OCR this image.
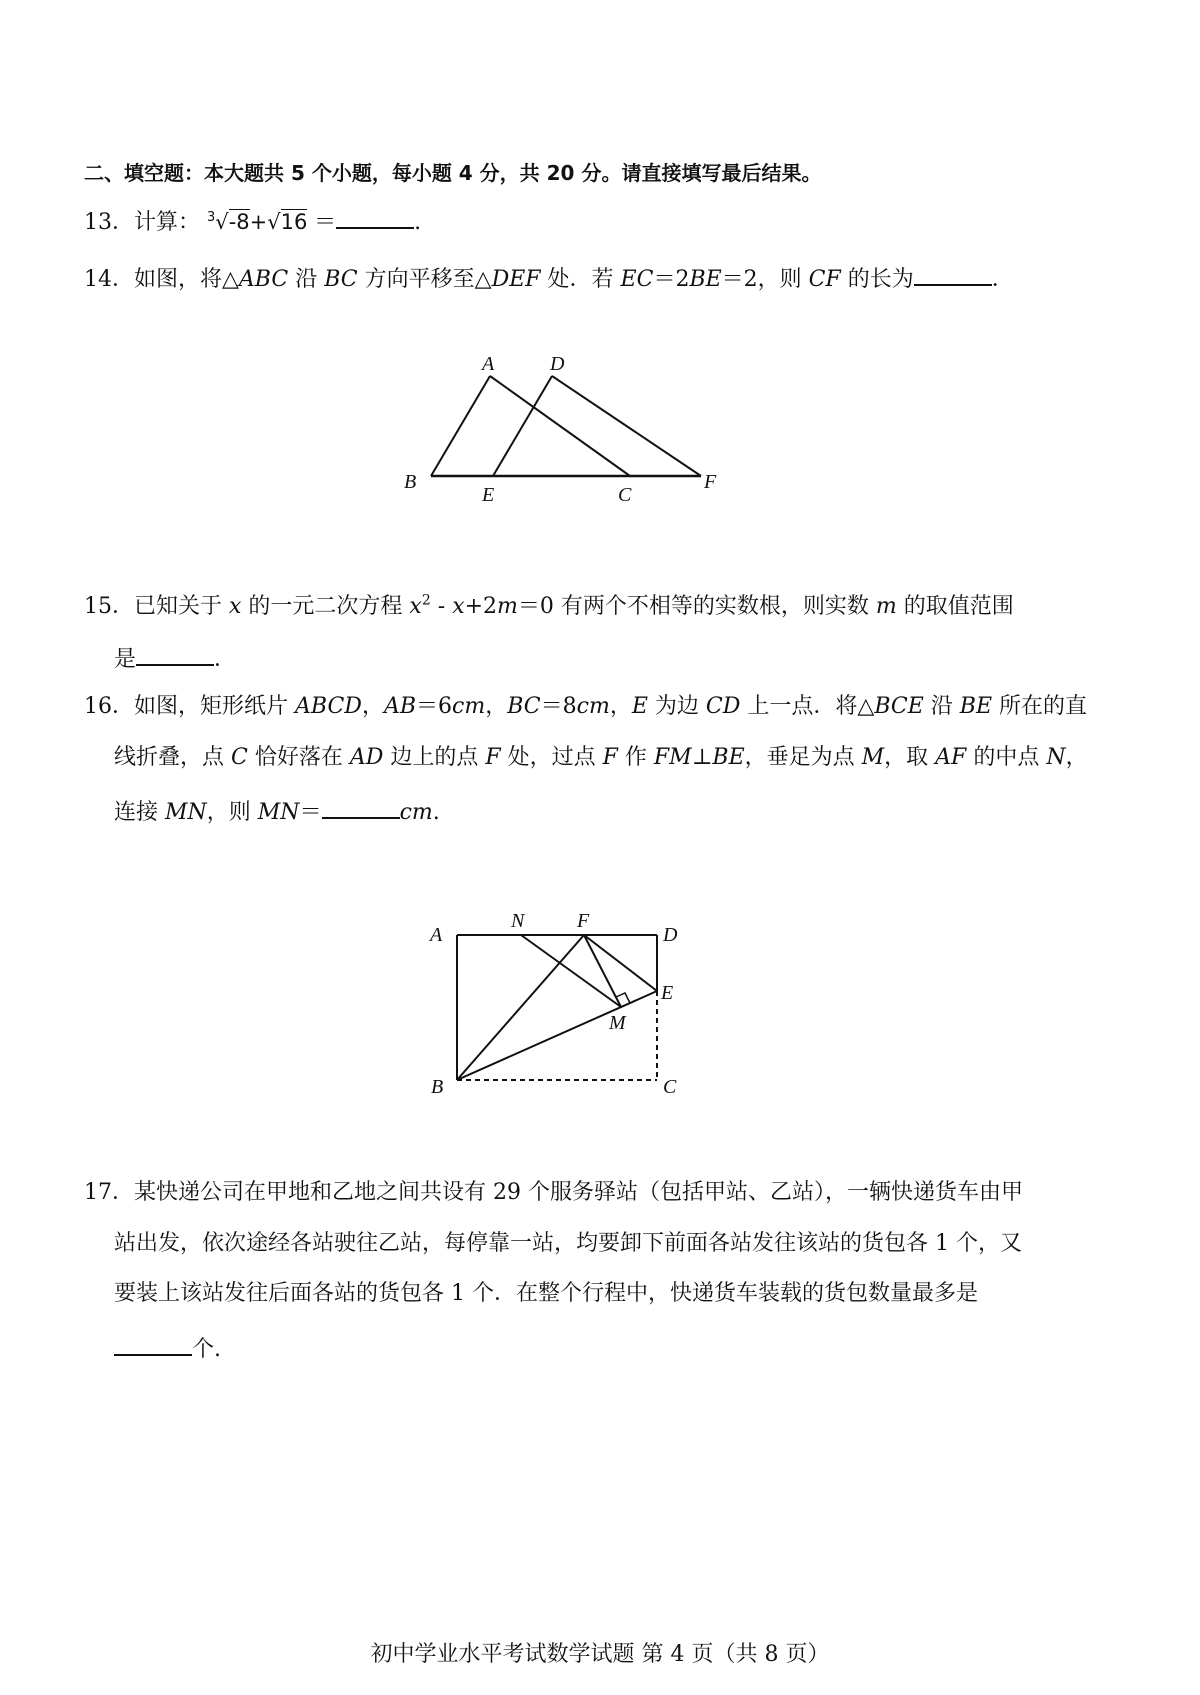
二、填空题：本大题共 5 个小题，每小题 4 分，共 20 分。请直接填写最后结果。
13．计算： $^3$√-8+√16 ＝	.
14．如图，将△ABC 沿 BC 方向平移至△DEF 处．若 EC＝2BE＝2，则 CF 的长为	．
A	D
B
E	C
F
15．已知关于 x 的一元二次方程 $x^2 - x+2m=0$ 有两个不相等的实数根，则实数 m 的取值范围
是	．
16．如图，矩形纸片 ABCD，AB＝6cm，BC＝8cm，E 为边 CD 上一点．将△BCE 沿 BE 所在的直
线折叠，点 C 恰好落在 AD 边上的点 F 处，过点 F 作 FM⊥BE，垂足为点 M，取 AF 的中点 N，
连接 MN，则 MN＝	cm.
A
N	F
D
E
M
B	C
17．某快递公司在甲地和乙地之间共设有 29 个服务驿站（包括甲站、乙站），一辆快递货车由甲
站出发，依次途经各站驶往乙站，每停靠一站，均要卸下前面各站发往该站的货包各 1 个，又
要装上该站发往后面各站的货包各 1 个．在整个行程中，快递货车装载的货包数量最多是
个.
初中学业水平考试数学试题 第 4 页（共 8 页）
